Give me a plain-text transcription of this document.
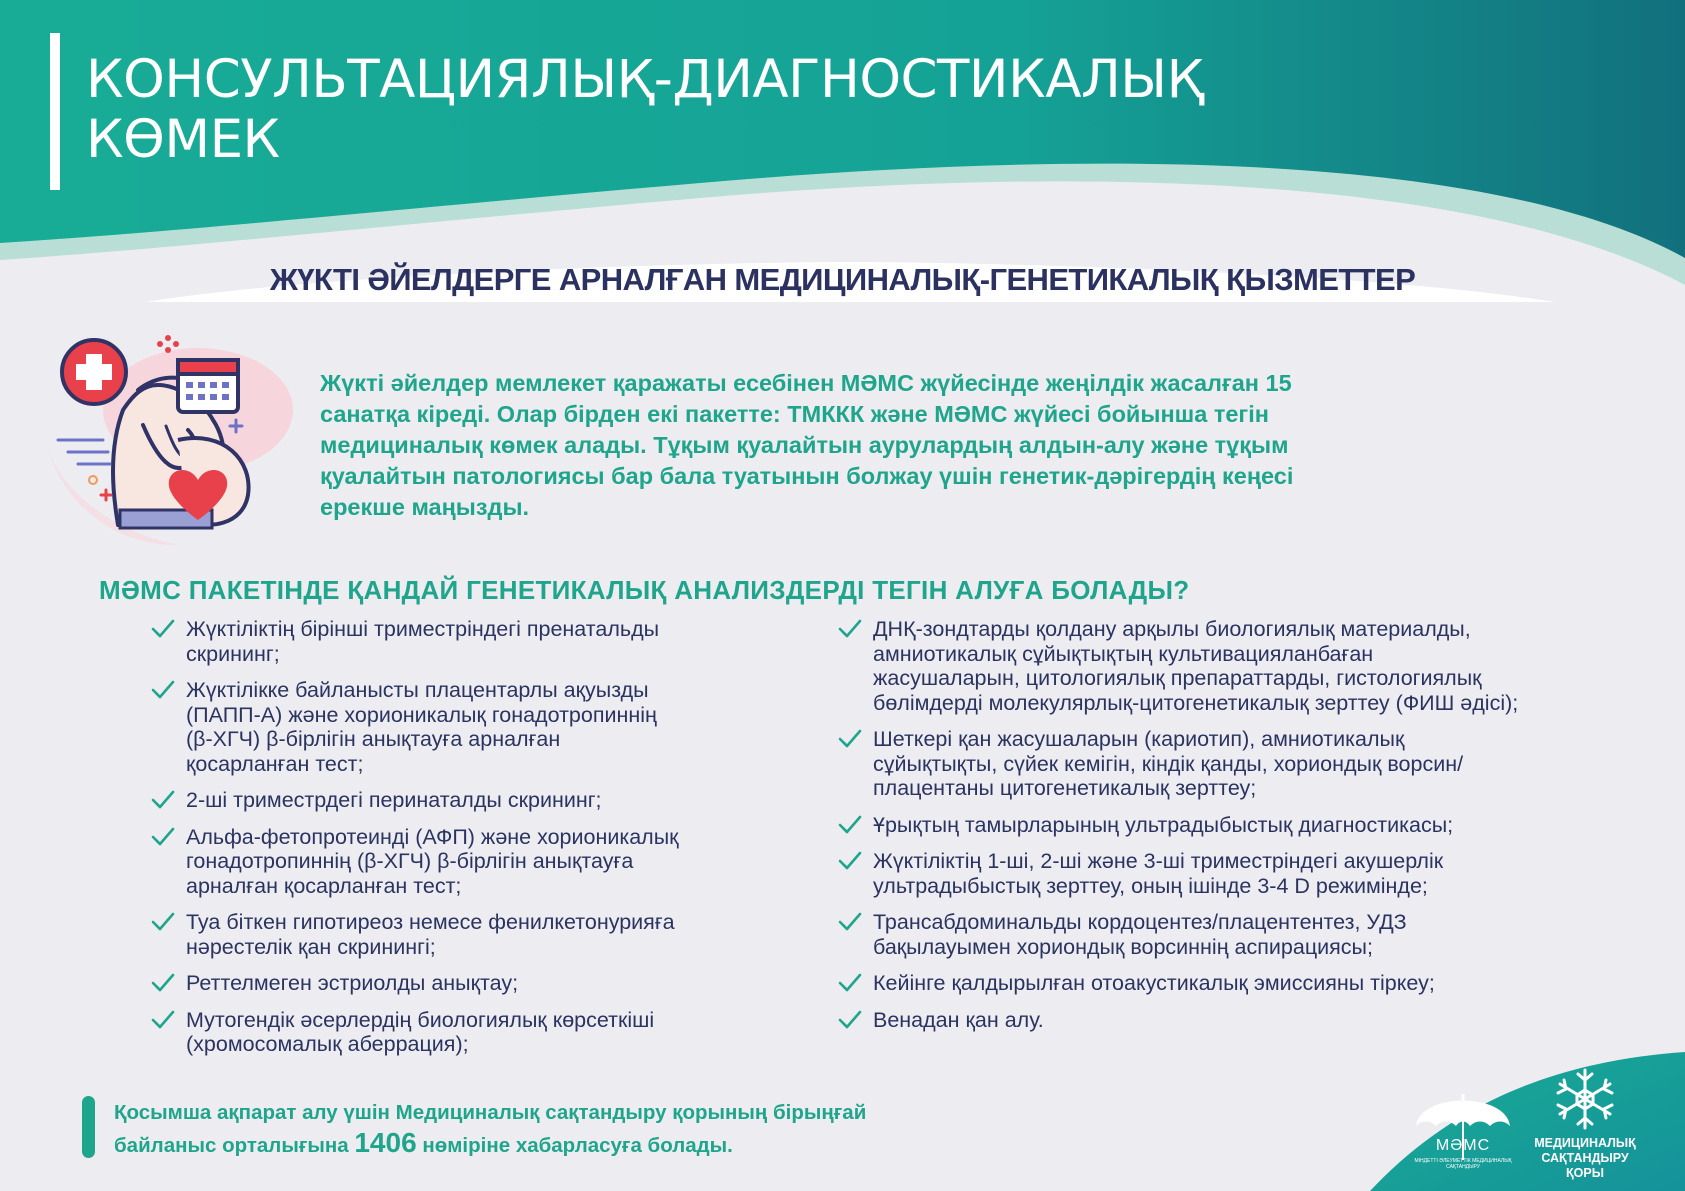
КОНСУЛЬТАЦИЯЛЫҚ-ДИАГНОСТИКАЛЫҚ
КӨМЕК
ЖҮКТІ ӘЙЕЛДЕРГЕ АРНАЛҒАН МЕДИЦИНАЛЫҚ-ГЕНЕТИКАЛЫҚ ҚЫЗМЕТТЕР
Жүкті әйелдер мемлекет қаражаты есебінен МӘМС жүйесінде жеңілдік жасалған 15
санатқа кіреді. Олар бірден екі пакетте: ТМККК және МӘМС жүйесі бойынша тегін
медициналық көмек алады. Тұқым қуалайтын аурулардың алдын-алу және тұқым
қуалайтын патологиясы бар бала туатынын болжау үшін генетик-дәрігердің кеңесі
ерекше маңызды.
МӘМС ПАКЕТІНДЕ ҚАНДАЙ ГЕНЕТИКАЛЫҚ АНАЛИЗДЕРДІ ТЕГІН АЛУҒА БОЛАДЫ?
Жүктіліктің бірінші триместріндегі пренатальды
скрининг;
Жүктілікке байланысты плацентарлы ақуызды
(ПАПП-А) және хорионикалық гонадотропиннің
(β-ХГЧ) β-бірлігін анықтауға арналған
қосарланған тест;
2-ші триместрдегі перинаталды скрининг;
Альфа-фетопротеинді (АФП) және хорионикалық
гонадотропиннің (β-ХГЧ) β-бірлігін анықтауға
арналған қосарланған тест;
Туа біткен гипотиреоз немесе фенилкетонурияға
нәрестелік қан скринингі;
Реттелмеген эстриолды анықтау;
Мутогендік әсерлердің биологиялық көрсеткіші
(хромосомалық аберрация);
ДНҚ-зондтарды қолдану арқылы биологиялық материалды,
амниотикалық сұйықтықтың культивацияланбаған
жасушаларын, цитологиялық препараттарды, гистологиялық
бөлімдерді молекулярлық-цитогенетикалық зерттеу (ФИШ әдісі);
Шеткері қан жасушаларын (кариотип), амниотикалық
сұйықтықты, сүйек кемігін, кіндік қанды, хориондық ворсин/
плацентаны цитогенетикалық зерттеу;
Ұрықтың тамырларының ультрадыбыстық диагностикасы;
Жүктіліктің 1-ші, 2-ші және 3-ші триместріндегі акушерлік
ультрадыбыстық зерттеу, оның ішінде 3-4 D режимінде;
Трансабдоминальды кордоцентез/плацентентез, УДЗ
бақылауымен хориондық ворсиннің аспирациясы;
Кейінге қалдырылған отоакустикалық эмиссияны тіркеу;
Венадан қан алу.
Қосымша ақпарат алу үшін Медициналық сақтандыру қорының бірыңғай
байланыс орталығына 1406 нөміріне хабарласуға болады.	МӘМС
МІНДЕТТІ ӘЛЕУМЕТТІК МЕДИЦИНАЛЫҚ САҚТАНДЫРУ
МЕДИЦИНАЛЫҚ
САҚТАНДЫРУ
ҚОРЫ
